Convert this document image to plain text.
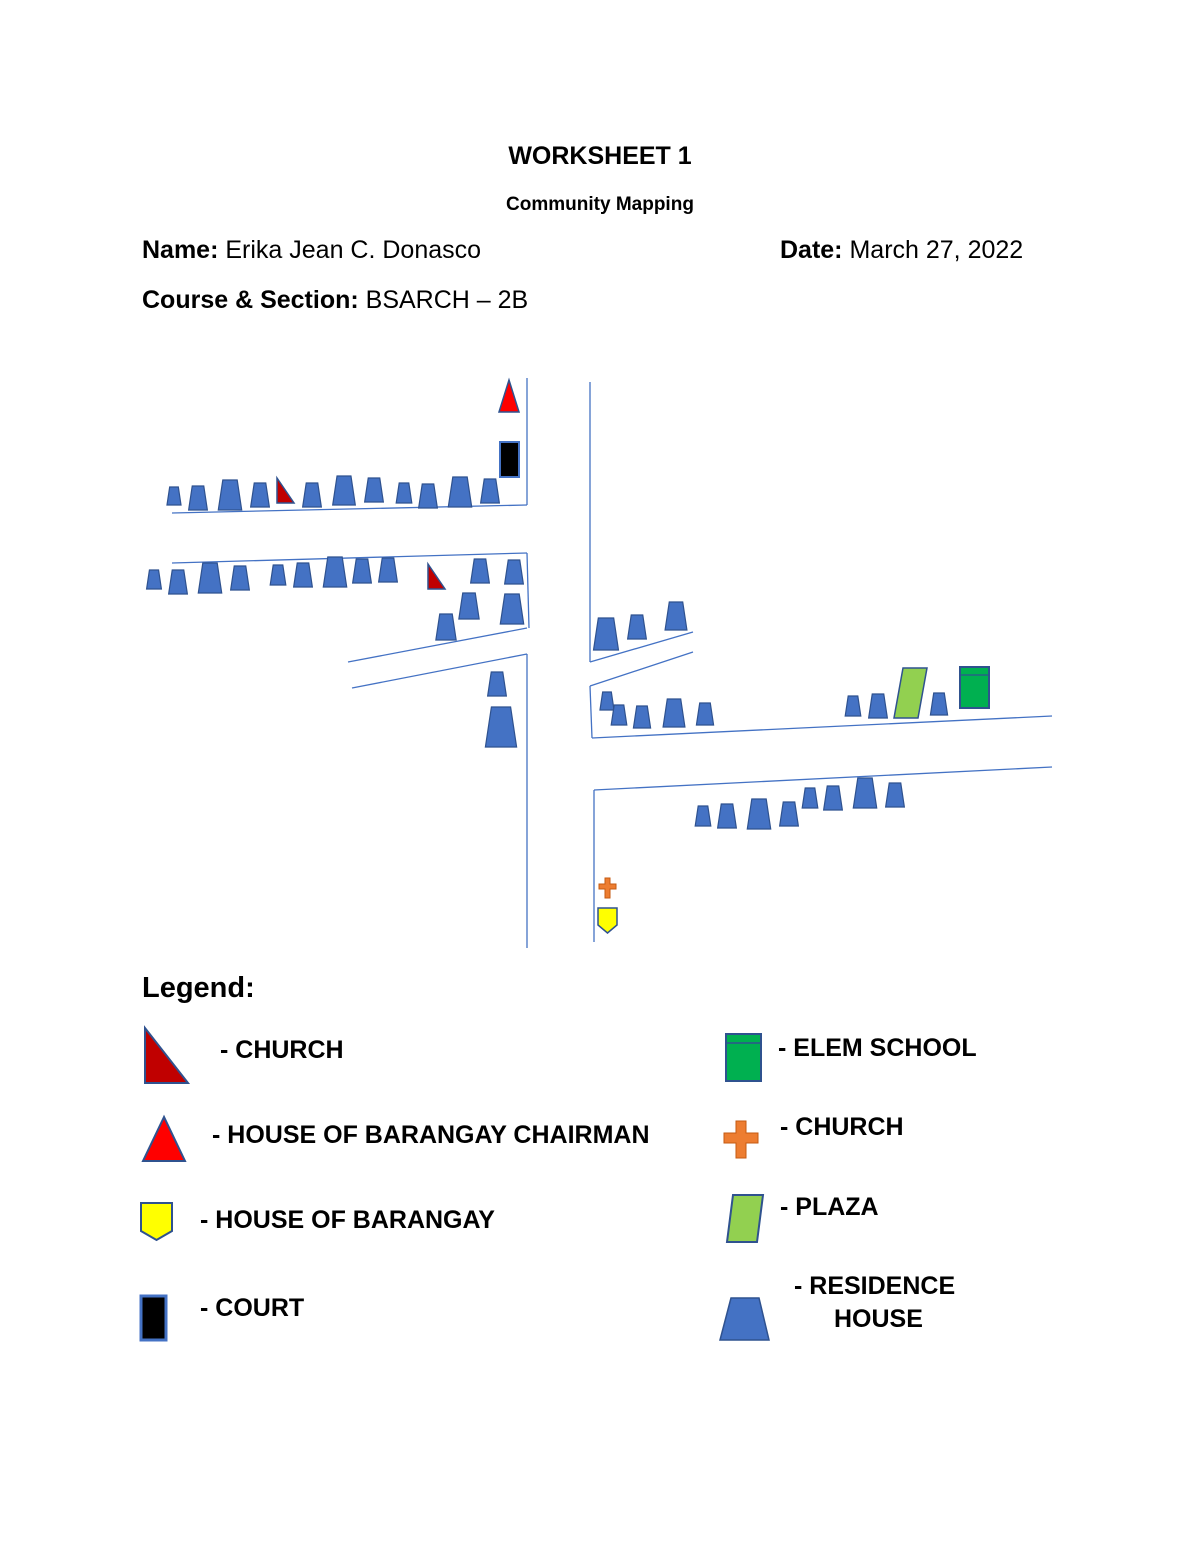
WORKSHEET 1
Community Mapping
Name: Erika Jean C. Donasco	Date: March 27, 2022
Course & Section: BSARCH – 2B
Legend:
- CHURCH
- HOUSE OF BARANGAY CHAIRMAN
- HOUSE OF BARANGAY
- COURT
- ELEM SCHOOL
- CHURCH
- PLAZA
- RESIDENCE
HOUSE
